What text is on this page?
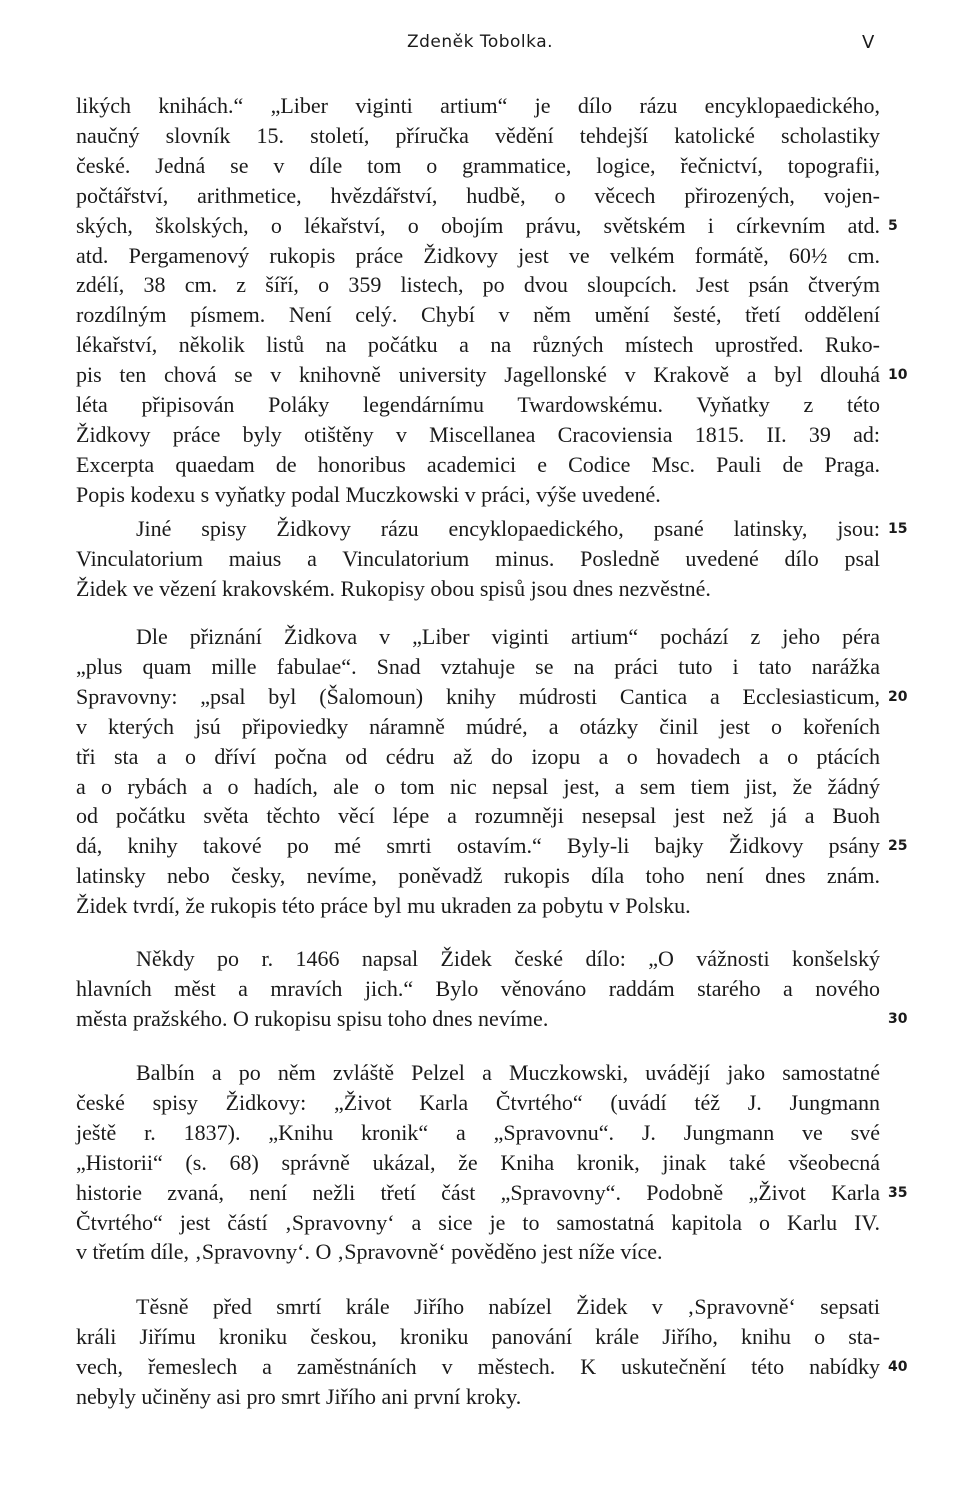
Zdeněk Tobolka.	V
likých knihách.“ „Liber viginti artium“ je dílo rázu encyklopaedického,
naučný slovník 15. století, příručka vědění tehdejší katolické scholastiky
české. Jedná se v díle tom o grammatice, logice, řečnictví, topografii,
počtářství, arithmetice, hvězdářství, hudbě, o věcech přirozených, vojen-
ských, školských, o lékařství, o obojím právu, světském i církevním atd.
atd. Pergamenový rukopis práce Židkovy jest ve velkém formátě, 60½ cm.
zdélí, 38 cm. z šíří, o 359 listech, po dvou sloupcích. Jest psán čtverým
rozdílným písmem. Není celý. Chybí v něm umění šesté, třetí oddělení
lékařství, několik listů na počátku a na různých místech uprostřed. Ruko-
pis ten chová se v knihovně university Jagellonské v Krakově a byl dlouhá
léta připisován Poláky legendárnímu Twardowskému. Vyňatky z této
Židkovy práce byly otištěny v Miscellanea Cracoviensia 1815. II. 39 ad:
Excerpta quaedam de honoribus academici e Codice Msc. Pauli de Praga.
Popis kodexu s vyňatky podal Muczkowski v práci, výše uvedené.
Jiné spisy Židkovy rázu encyklopaedického, psané latinsky, jsou:
Vinculatorium maius a Vinculatorium minus. Posledně uvedené dílo psal
Židek ve vězení krakovském. Rukopisy obou spisů jsou dnes nezvěstné.
Dle přiznání Židkova v „Liber viginti artium“ pochází z jeho péra
„plus quam mille fabulae“. Snad vztahuje se na práci tuto i tato narážka
Spravovny: „psal byl (Šalomoun) knihy múdrosti Cantica a Ecclesiasticum,
v kterých jsú připoviedky náramně múdré, a otázky činil jest o kořeních
tři sta a o dříví počna od cédru až do izopu a o hovadech a o ptácích
a o rybách a o hadích, ale o tom nic nepsal jest, a sem tiem jist, že žádný
od počátku světa těchto věcí lépe a rozumněji nesepsal jest než já a Buoh
dá, knihy takové po mé smrti ostavím.“ Byly-li bajky Židkovy psány
latinsky nebo česky, nevíme, poněvadž rukopis díla toho není dnes znám.
Židek tvrdí, že rukopis této práce byl mu ukraden za pobytu v Polsku.
Někdy po r. 1466 napsal Židek české dílo: „O vážnosti konšelský
hlavních měst a mravích jich.“ Bylo věnováno raddám starého a nového
města pražského. O rukopisu spisu toho dnes nevíme.
Balbín a po něm zvláště Pelzel a Muczkowski, uvádějí jako samostatné
české spisy Židkovy: „Život Karla Čtvrtého“ (uvádí též J. Jungmann
ještě r. 1837). „Knihu kronik“ a „Spravovnu“. J. Jungmann ve své
„Historii“ (s. 68) správně ukázal, že Kniha kronik, jinak také všeobecná
historie zvaná, není nežli třetí část „Spravovny“. Podobně „Život Karla
Čtvrtého“ jest částí ‚Spravovny‘ a sice je to samostatná kapitola o Karlu IV.
v třetím díle, ‚Spravovny‘. O ‚Spravovně‘ pověděno jest níže více.
Těsně před smrtí krále Jiřího nabízel Židek v ‚Spravovně‘ sepsati
králi Jiřímu kroniku českou, kroniku panování krále Jiřího, knihu o sta-
vech, řemeslech a zaměstnáních v městech. K uskutečnění této nabídky
nebyly učiněny asi pro smrt Jiřího ani první kroky.
5
10
15
20
25
30
35
40
